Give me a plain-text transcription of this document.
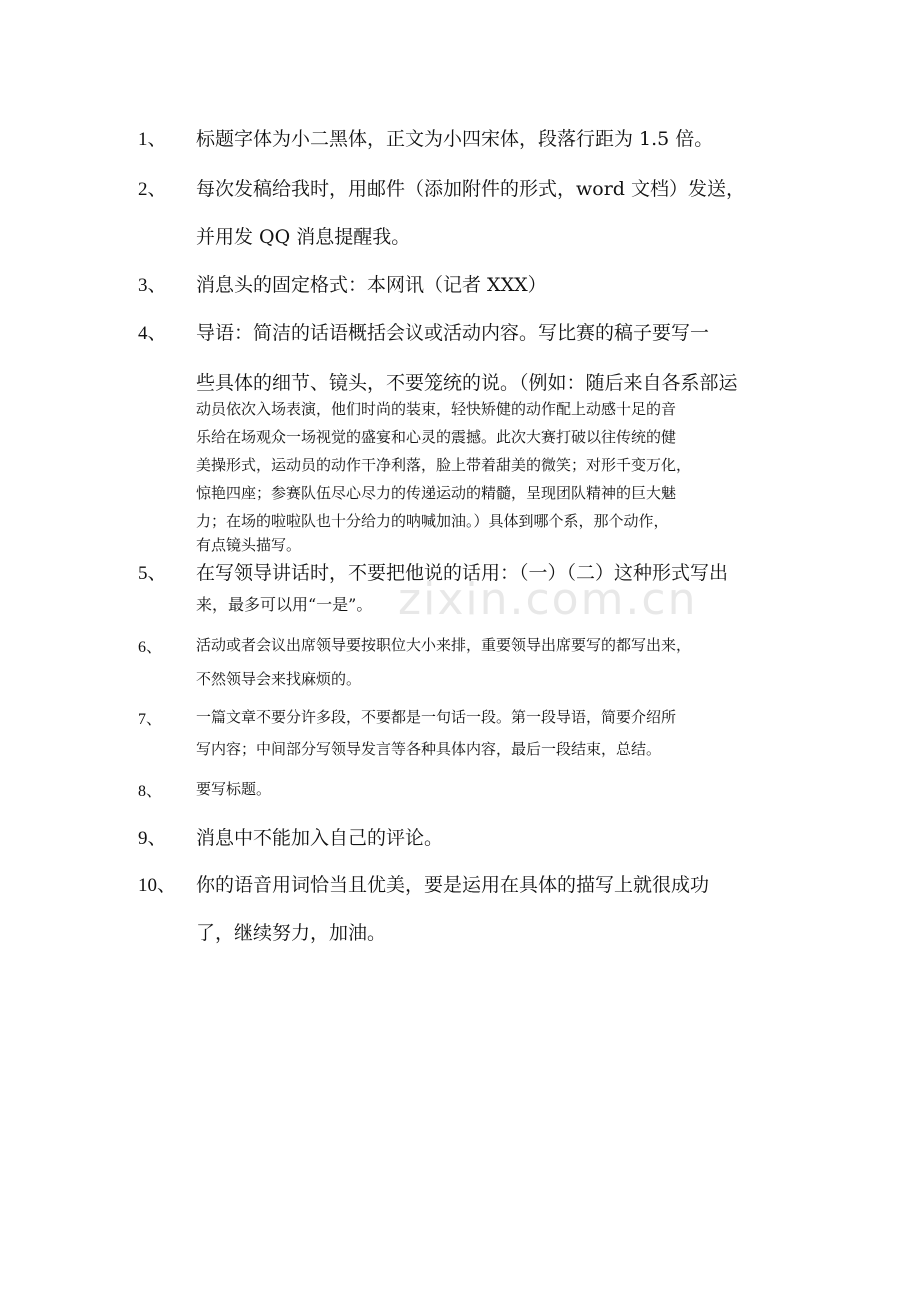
zixin.com.cn
1、 标题字体为小二黑体，正文为小四宋体，段落行距为 1.5 倍。
2、 每次发稿给我时，用邮件（添加附件的形式，word 文档）发送，
并用发 QQ 消息提醒我。
3、 消息头的固定格式：本网讯（记者 XXX）
4、 导语：简洁的话语概括会议或活动内容。写比赛的稿子要写一
些具体的细节、镜头，不要笼统的说。（例如：随后来自各系部运
动员依次入场表演，他们时尚的装束，轻快矫健的动作配上动感十足的音
乐给在场观众一场视觉的盛宴和心灵的震撼。此次大赛打破以往传统的健
美操形式，运动员的动作干净利落，脸上带着甜美的微笑；对形千变万化，
惊艳四座；参赛队伍尽心尽力的传递运动的精髓，呈现团队精神的巨大魅
力；在场的啦啦队也十分给力的呐喊加油。）具体到哪个系，那个动作，
有点镜头描写。
5、 在写领导讲话时，不要把他说的话用：（一）（二）这种形式写出
来，最多可以用“一是”。
6、 活动或者会议出席领导要按职位大小来排，重要领导出席要写的都写出来，
不然领导会来找麻烦的。
7、 一篇文章不要分许多段，不要都是一句话一段。第一段导语，简要介绍所
写内容；中间部分写领导发言等各种具体内容，最后一段结束，总结。
8、 要写标题。
9、 消息中不能加入自己的评论。
10、 你的语音用词恰当且优美，要是运用在具体的描写上就很成功
了，继续努力，加油。
